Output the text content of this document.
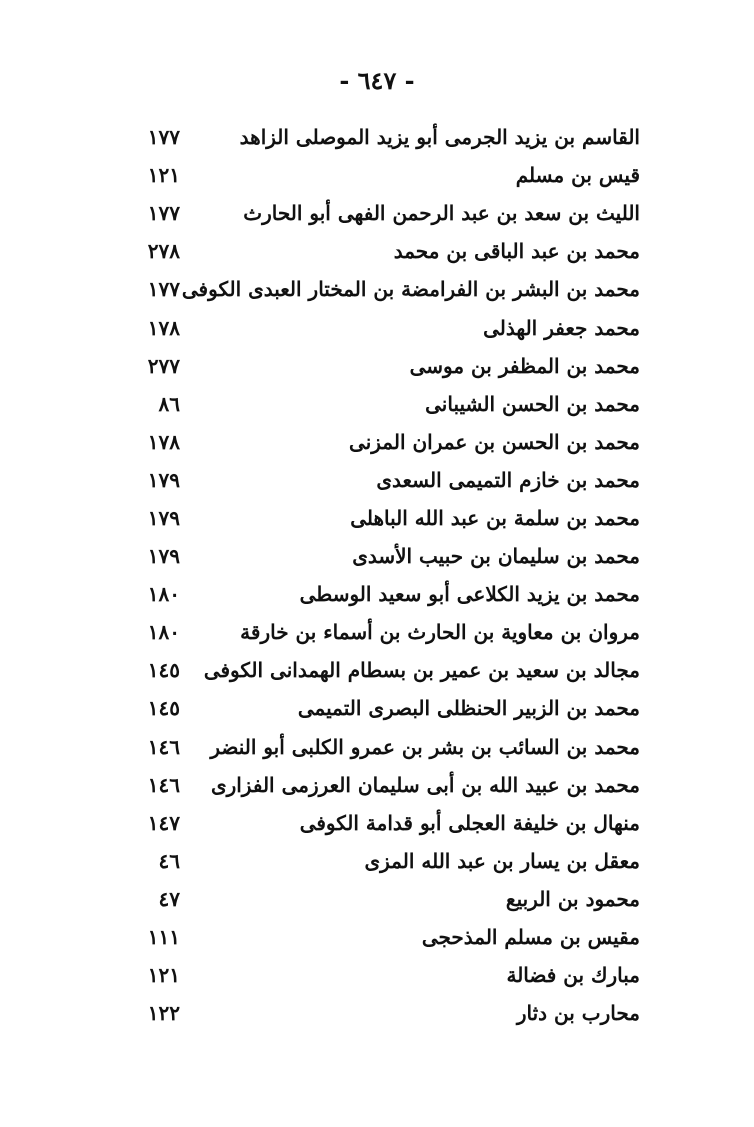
- ٦٤٧ -
القاسم بن يزيد الجرمى أبو يزيد الموصلى الزاهد
١٧٧
قيس بن مسلم
١٢١
الليث بن سعد بن عبد الرحمن الفهى أبو الحارث
١٧٧
محمد بن عبد الباقى بن محمد
٢٧٨
محمد بن البشر بن الفرامضة بن المختار العبدى الكوفى
١٧٧
محمد جعفر الهذلى
١٧٨
محمد بن المظفر بن موسى
٢٧٧
محمد بن الحسن الشيبانى
٨٦
محمد بن الحسن بن عمران المزنى
١٧٨
محمد بن خازم التميمى السعدى
١٧٩
محمد بن سلمة بن عبد الله الباهلى
١٧٩
محمد بن سليمان بن حبيب الأسدى
١٧٩
محمد بن يزيد الكلاعى أبو سعيد الوسطى
١٨٠
مروان بن معاوية بن الحارث بن أسماء بن خارقة
١٨٠
مجالد بن سعيد بن عمير بن بسطام الهمدانى الكوفى
١٤٥
محمد بن الزبير الحنظلى البصرى التميمى
١٤٥
محمد بن السائب بن بشر بن عمرو الكلبى أبو النضر
١٤٦
محمد بن عبيد الله بن أبى سليمان العرزمى الفزارى
١٤٦
منهال بن خليفة العجلى أبو قدامة الكوفى
١٤٧
معقل بن يسار بن عبد الله المزى
٤٦
محمود بن الربيع
٤٧
مقيس بن مسلم المذحجى
١١١
مبارك بن فضالة
١٢١
محارب بن دثار
١٢٢
